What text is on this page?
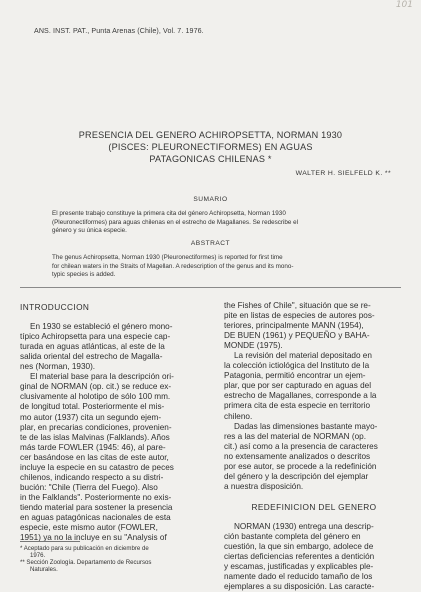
101
ANS. INST. PAT., Punta Arenas (Chile), Vol. 7. 1976.
PRESENCIA DEL GENERO ACHIROPSETTA, NORMAN 1930
(PISCES: PLEURONECTIFORMES) EN AGUAS
PATAGONICAS CHILENAS *
WALTER H. SIELFELD K. **
SUMARIO
El presente trabajo constituye la primera cita del género Achiropsetta, Norman 1930
(Pleuronectiformes) para aguas chilenas en el estrecho de Magallanes. Se redescribe el
género y su única especie.
ABSTRACT
The genus Achiropsetta, Norman 1930 (Pleuronectiformes) is reported for first time
for chilean waters in the Straits of Magellan. A redescription of the genus and its mono-
typic species is added.
INTRODUCCION

En 1930 se estableció el género mono-
típico Achiropsetta para una especie cap-
turada en aguas atlánticas, al este de la
salida oriental del estrecho de Magalla-
nes (Norman, 1930).
El material base para la descripción ori-
ginal de NORMAN (op. cit.) se reduce ex-
clusivamente al holotipo de sólo 100 mm.
de longitud total. Posteriormente el mis-
mo autor (1937) cita un segundo ejem-
plar, en precarias condiciones, provenien-
te de las islas Malvinas (Falklands). Años
más tarde FOWLER (1945: 46), al pare-
cer basándose en las citas de este autor,
incluye la especie en su catastro de peces
chilenos, indicando respecto a su distri-
bución: "Chile (Tierra del Fuego). Also
in the Falklands". Posteriormente no exis-
tiendo material para sostener la presencia
en aguas patagónicas nacionales de esta
especie, este mismo autor (FOWLER,
1951) ya no la incluye en su "Analysis of
* Aceptado para su publicación en diciembre de
1976.
** Sección Zoología. Departamento de Recursos
Naturales.
the Fishes of Chile", situación que se re-
pite en listas de especies de autores pos-
teriores, principalmente MANN (1954),
DE BUEN (1961) y PEQUEÑO y BAHA-
MONDE (1975).
La revisión del material depositado en
la colección ictiológica del Instituto de la
Patagonia, permitió encontrar un ejem-
plar, que por ser capturado en aguas del
estrecho de Magallanes, corresponde a la
primera cita de esta especie en territorio
chileno.
Dadas las dimensiones bastante mayo-
res a las del material de NORMAN (op.
cit.) así como a la presencia de caracteres
no extensamente analizados o descritos
por ese autor, se procede a la redefinición
del género y la descripción del ejemplar
a nuestra disposición.

REDEFINICION DEL GENERO

NORMAN (1930) entrega una descrip-
ción bastante completa del género en
cuestión, la que sin embargo, adolece de
ciertas deficiencias referentes a dentición
y escamas, justificadas y explicables ple-
namente dado el reducido tamaño de los
ejemplares a su disposición. Las caracte-
